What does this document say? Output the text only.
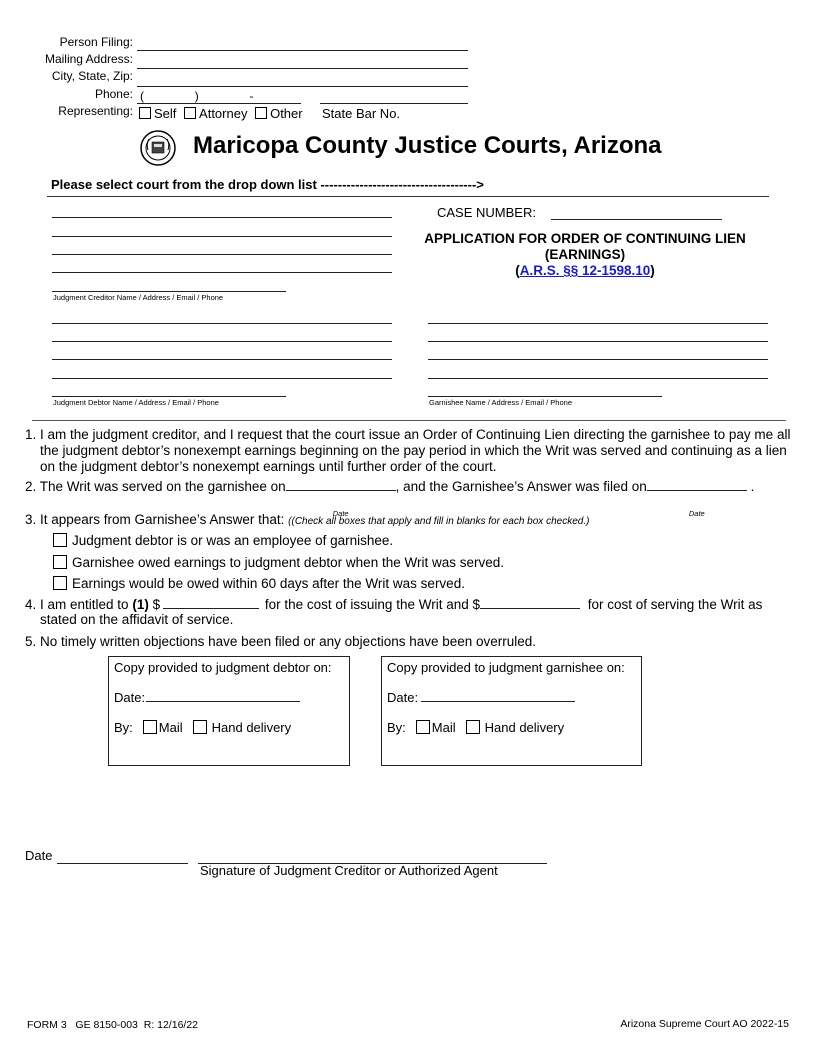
Person Filing:
Mailing Address:
City, State, Zip:
Phone: (	)	-
Representing:	Self Attorney Other State Bar No.
Maricopa County Justice Courts, Arizona
Please select court from the drop down list ------------------------------------>
Judgment Creditor Name / Address / Email / Phone
CASE NUMBER:
APPLICATION FOR ORDER OF CONTINUING LIEN
(EARNINGS)
(A.R.S. §§ 12-1598.10)
Judgment Debtor Name / Address / Email / Phone	Garnishee Name / Address / Email / Phone
1. I am the judgment creditor, and I request that the court issue an Order of Continuing Lien directing the garnishee to pay me all
the judgment debtor’s nonexempt earnings beginning on the pay period in which the Writ was served and continuing as a lien
on the judgment debtor’s nonexempt earnings until further order of the court.
2. The Writ was served on the garnishee on
Date
, and the Garnishee’s Answer was filed on
Date
.
3. It appears from Garnishee’s Answer that: ((Check all boxes that apply and fill in blanks for each box checked.)
Judgment debtor is or was an employee of garnishee.
Garnishee owed earnings to judgment debtor when the Writ was served.
Earnings would be owed within 60 days after the Writ was served.
4. I am entitled to (1) $	for the cost of issuing the Writ and $	for cost of serving the Writ as
stated on the affidavit of service.
5. No timely written objections have been filed or any objections have been overruled.
Copy provided to judgment debtor on:
Date:
By: Mail Hand delivery
Copy provided to judgment garnishee on:
Date:
By: Mail Hand delivery
Date
Signature of Judgment Creditor or Authorized Agent
FORM 3   GE 8150-003  R: 12/16/22	Arizona Supreme Court AO 2022-15
